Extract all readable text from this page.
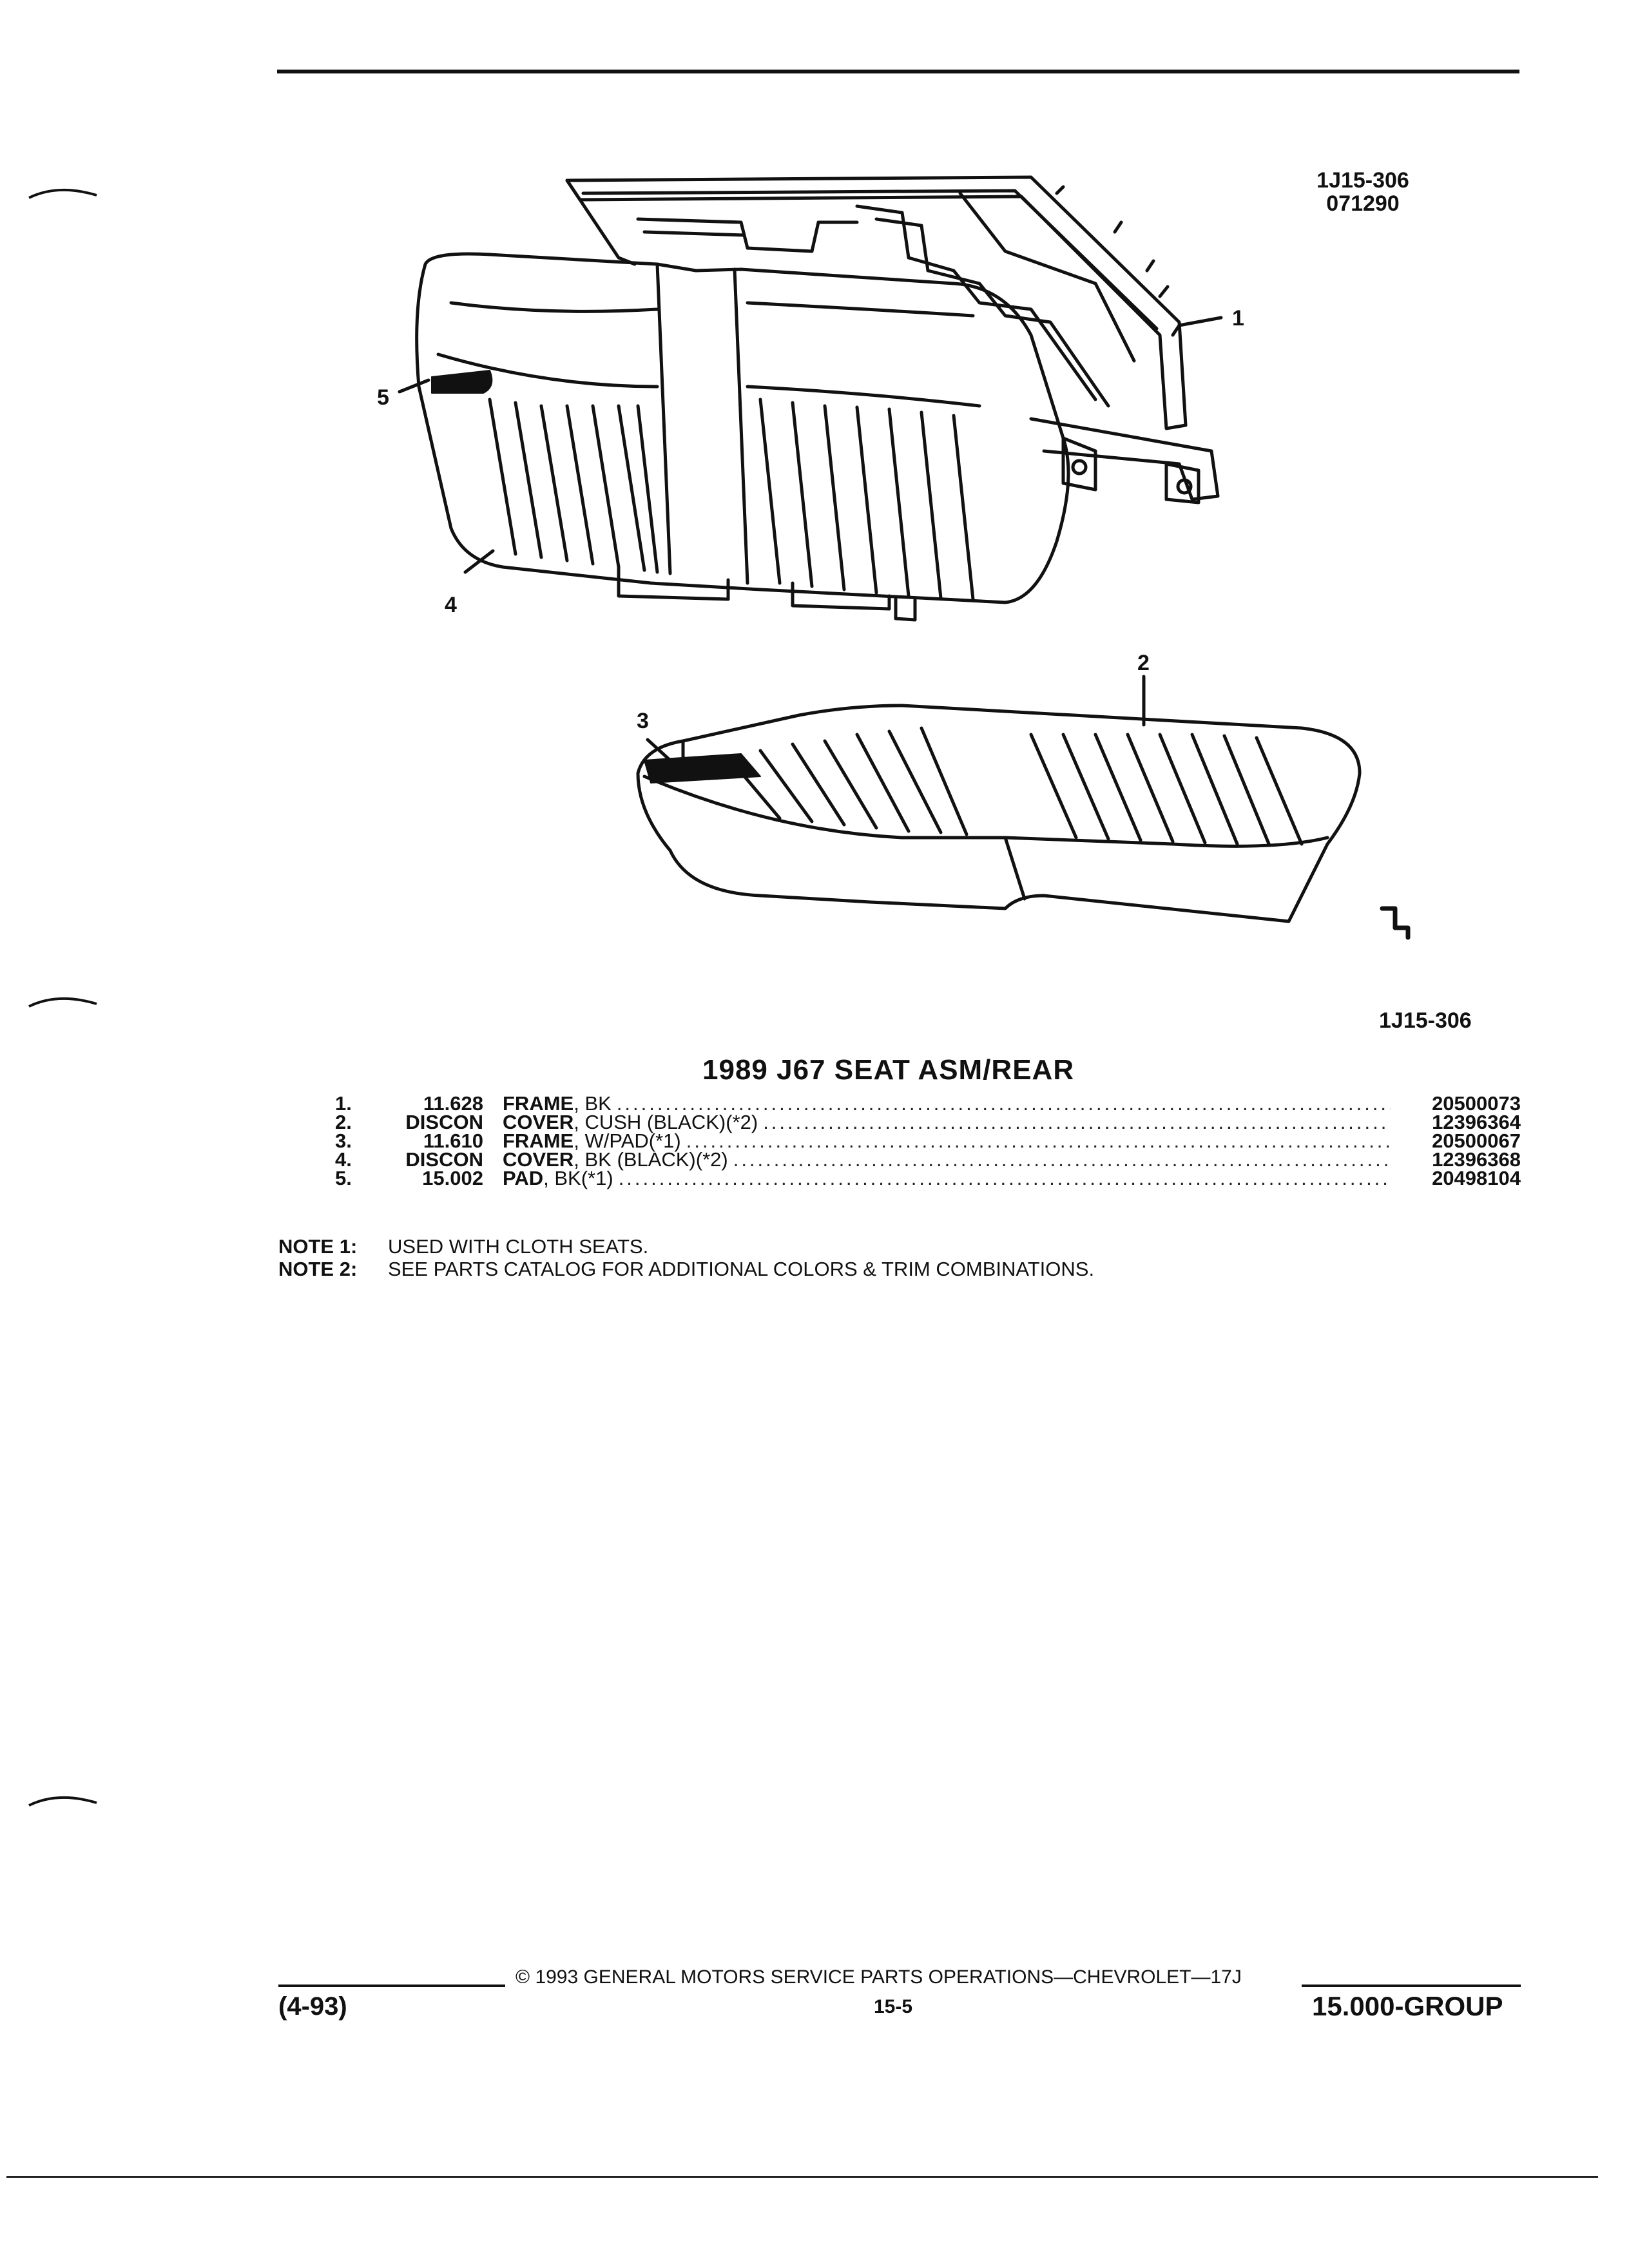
1J15-306
071290
1
2
3
4
5
1J15-306
1989 J67 SEAT ASM/REAR
1.	11.628 FRAME, BK .....	20500073
2.	DISCON COVER, CUSH (BLACK)(*2) .....	12396364
3.	11.610 FRAME, W/PAD(*1) .....	20500067
4.	DISCON COVER, BK (BLACK)(*2) .....	12396368
5.	15.002 PAD, BK(*1) .....	20498104
NOTE 1: USED WITH CLOTH SEATS.
NOTE 2: SEE PARTS CATALOG FOR ADDITIONAL COLORS & TRIM COMBINATIONS.
© 1993 GENERAL MOTORS SERVICE PARTS OPERATIONS—CHEVROLET—17J
(4-93)	15-5	15.000-GROUP
